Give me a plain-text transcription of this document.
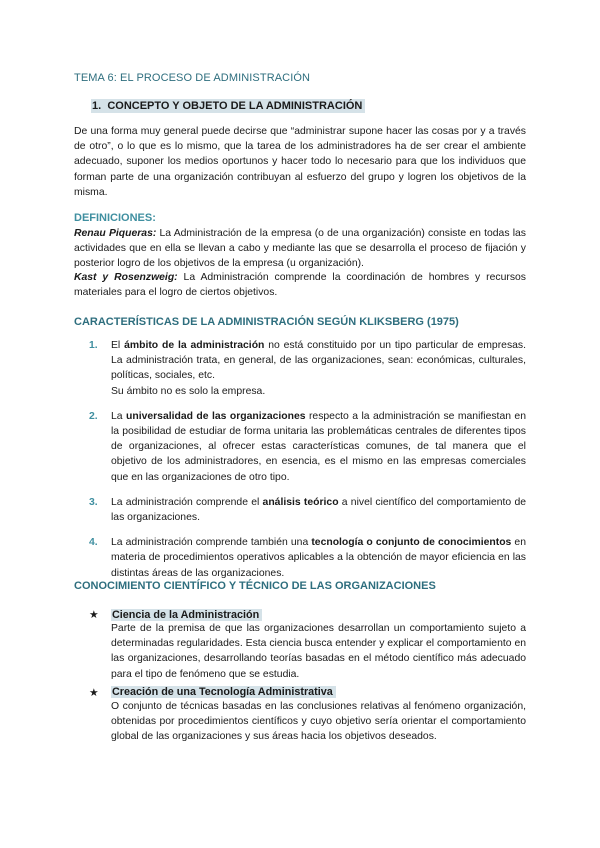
TEMA 6: EL PROCESO DE ADMINISTRACIÓN
1. CONCEPTO Y OBJETO DE LA ADMINISTRACIÓN
De una forma muy general puede decirse que “administrar supone hacer las cosas por y a través de otro”, o lo que es lo mismo, que la tarea de los administradores ha de ser crear el ambiente adecuado, suponer los medios oportunos y hacer todo lo necesario para que los individuos que forman parte de una organización contribuyan al esfuerzo del grupo y logren los objetivos de la misma.
DEFINICIONES:
Renau Piqueras: La Administración de la empresa (o de una organización) consiste en todas las actividades que en ella se llevan a cabo y mediante las que se desarrolla el proceso de fijación y posterior logro de los objetivos de la empresa (u organización).
Kast y Rosenzweig: La Administración comprende la coordinación de hombres y recursos materiales para el logro de ciertos objetivos.
CARACTERÍSTICAS DE LA ADMINISTRACIÓN SEGÚN KLIKSBERG (1975)
1.	El ámbito de la administración no está constituido por un tipo particular de empresas. La administración trata, en general, de las organizaciones, sean: económicas, culturales, políticas, sociales, etc.
Su ámbito no es solo la empresa.
2.	La universalidad de las organizaciones respecto a la administración se manifiestan en la posibilidad de estudiar de forma unitaria las problemáticas centrales de diferentes tipos de organizaciones, al ofrecer estas características comunes, de tal manera que el objetivo de los administradores, en esencia, es el mismo en las empresas comerciales que en las organizaciones de otro tipo.
3.	La administración comprende el análisis teórico a nivel científico del comportamiento de las organizaciones.
4.	La administración comprende también una tecnología o conjunto de conocimientos en materia de procedimientos operativos aplicables a la obtención de mayor eficiencia en las distintas áreas de las organizaciones.
CONOCIMIENTO CIENTÍFICO Y TÉCNICO DE LAS ORGANIZACIONES
★	Ciencia de la Administración
Parte de la premisa de que las organizaciones desarrollan un comportamiento sujeto a determinadas regularidades. Esta ciencia busca entender y explicar el comportamiento en las organizaciones, desarrollando teorías basadas en el método científico más adecuado para el tipo de fenómeno que se estudia.
★	Creación de una Tecnología Administrativa
O conjunto de técnicas basadas en las conclusiones relativas al fenómeno organización, obtenidas por procedimientos científicos y cuyo objetivo sería orientar el comportamiento global de las organizaciones y sus áreas hacia los objetivos deseados.
